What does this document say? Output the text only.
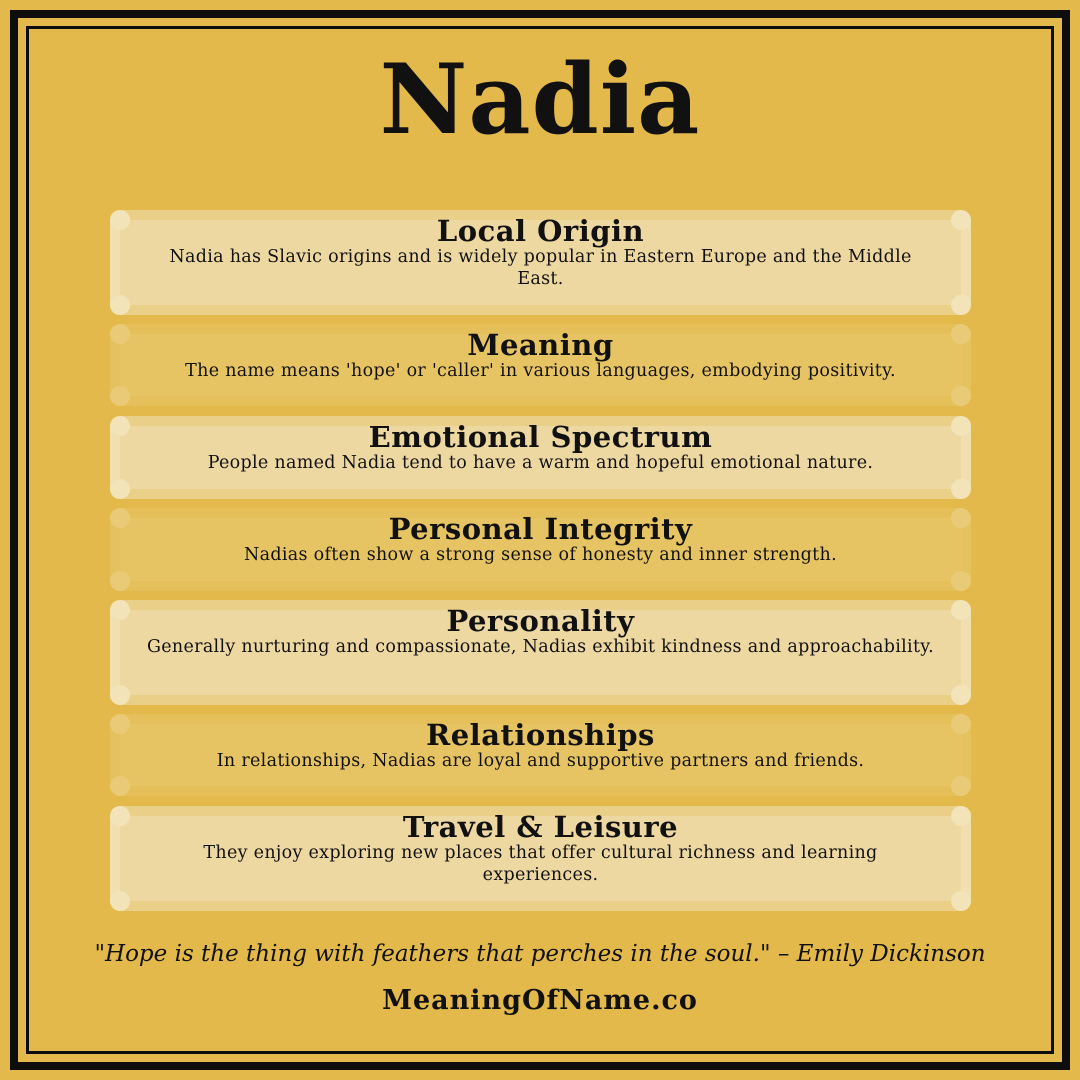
Nadia
Local Origin

Nadia has Slavic origins and is widely popular in Eastern Europe and the Middle East.

Meaning

The name means 'hope' or 'caller' in various languages, embodying positivity.

Emotional Spectrum

People named Nadia tend to have a warm and hopeful emotional nature.

Personal Integrity

Nadias often show a strong sense of honesty and inner strength.

Personality

Generally nurturing and compassionate, Nadias exhibit kindness and approachability.

Relationships

In relationships, Nadias are loyal and supportive partners and friends.

Travel & Leisure

They enjoy exploring new places that offer cultural richness and learning experiences.

"Hope is the thing with feathers that perches in the soul." – Emily Dickinson
MeaningOfName.co
